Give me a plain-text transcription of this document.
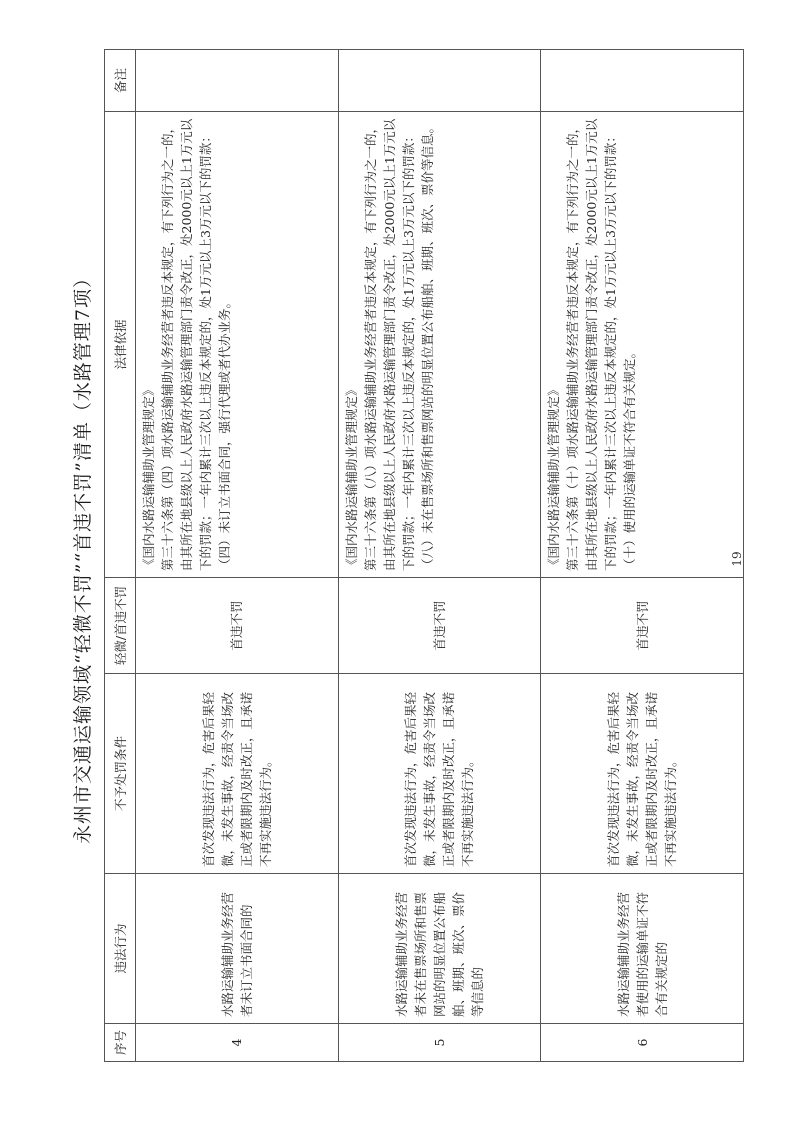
永州市交通运输领域“轻微不罚”“首违不罚”清单（水路管理7项）
序号	违法行为	不予处罚条件	轻微/首违不罚	法律依据	备注
4	水路运输辅助业务经营者未订立书面合同的	首次发现违法行为，危害后果轻微，未发生事故，经责令当场改正或者限期内及时改正，且承诺不再实施违法行为。	首违不罚	《国内水路运输辅助业管理规定》 第三十六条第（四）项水路运输辅助业务经营者违反本规定，有下列行为之一的，由其所在地县级以上人民政府水路运输管理部门责令改正，处2000元以上1万元以下的罚款；一年内累计三次以上违反本规定的，处1万元以上3万元以下的罚款：（四）未订立书面合同，强行代理或者代办业务。	

5	水路运输辅助业务经营者未在售票场所和售票网站的明显位置公布船舶、班期、班次、票价等信息的	首次发现违法行为，危害后果轻微，未发生事故，经责令当场改正或者限期内及时改正，且承诺不再实施违法行为。	首违不罚	《国内水路运输辅助业管理规定》 第三十六条第（八）项水路运输辅助业务经营者违反本规定，有下列行为之一的，由其所在地县级以上人民政府水路运输管理部门责令改正，处2000元以上1万元以下的罚款；一年内累计三次以上违反本规定的，处1万元以上3万元以下的罚款：（八）未在售票场所和售票网站的明显位置公布船舶、班期、班次、票价等信息。	

6	水路运输辅助业务经营者使用的运输单证不符合有关规定的	首次发现违法行为，危害后果轻微，未发生事故，经责令当场改正或者限期内及时改正，且承诺不再实施违法行为。	首违不罚	《国内水路运输辅助业管理规定》 第三十六条第（十）项水路运输辅助业务经营者违反本规定，有下列行为之一的，由其所在地县级以上人民政府水路运输管理部门责令改正，处2000元以上1万元以下的罚款；一年内累计三次以上违反本规定的，处1万元以上3万元以下的罚款：（十）使用的运输单证不符合有关规定。	
		19
